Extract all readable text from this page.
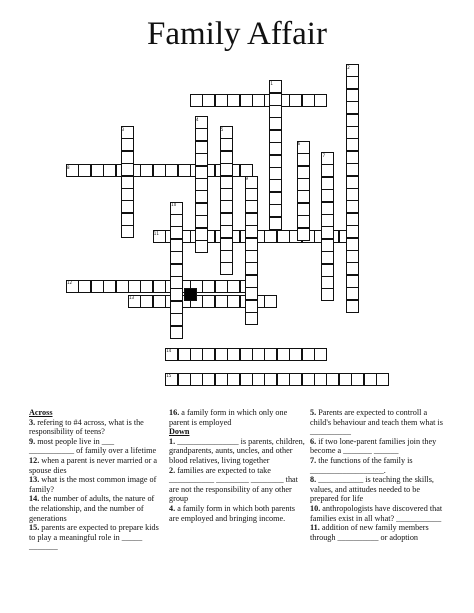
Family Affair
1
2
3
4
5
6
7
8
9
10
11
12
13
14
15

Across

3. refering to #4 across, what is the responsibility of teens?

9. most people live in ___ ___________ of family over a lifetime

12. when a parent is never married or a spouse dies

13. what is the most common image of family?

14. the number of adults, the nature of the relationship, and the number of generations

15. parents are expected to prepare kids to play a meaningful role in _____ _______

16. a family form in which only one parent is employed

Down

1. _______________ is parents, children, grandparents, aunts, uncles, and other blood relatives, living together

2. families are expected to take ___________ ________ ________ that are not the responsibility of any other group

4. a family form in which both parents are employed and bringing income.

5. Parents are expected to controll a child's behaviour and teach them what is __________

6. if two lone-parent families join they become a _______ ______

7. the functions of the family is __________________.

8. ___________ is teaching the skills, values, and attitudes needed to be prepared for life

10. anthropologists have discovered that families exist in all what? ___________

11. addition of new family members through __________ or adoption
